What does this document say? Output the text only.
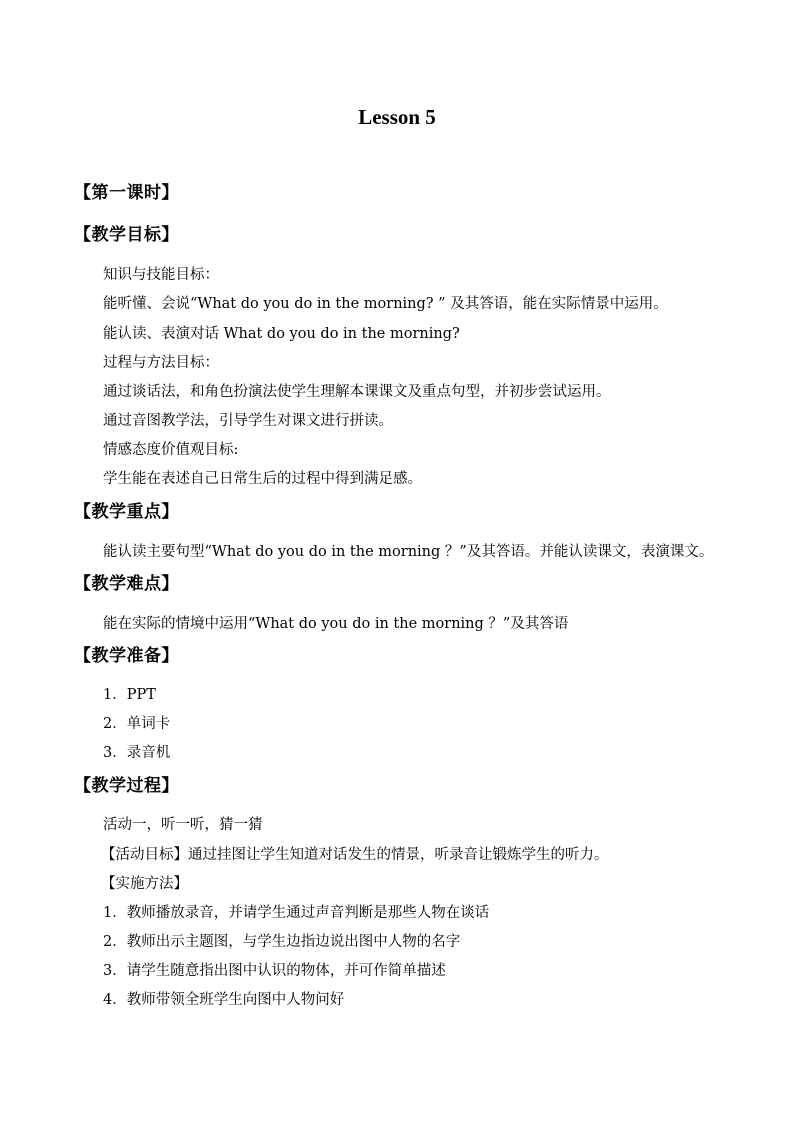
Lesson 5
【第一课时】
【教学目标】
知识与技能目标：
能听懂、会说“What do you do in the morning? ” 及其答语，能在实际情景中运用。
能认读、表演对话 What do you do in the morning?
过程与方法目标：
通过谈话法，和角色扮演法使学生理解本课课文及重点句型，并初步尝试运用。
通过音图教学法，引导学生对课文进行拼读。
情感态度价值观目标:
学生能在表述自己日常生后的过程中得到满足感。
【教学重点】
能认读主要句型“What do you do in the morning ？”及其答语。并能认读课文，表演课文。
【教学难点】
能在实际的情境中运用“What do you do in the morning ？”及其答语
【教学准备】
1．PPT
2．单词卡
3．录音机
【教学过程】
活动一，听一听，猜一猜
【活动目标】通过挂图让学生知道对话发生的情景，听录音让锻炼学生的听力。
【实施方法】
1．教师播放录音，并请学生通过声音判断是那些人物在谈话
2．教师出示主题图，与学生边指边说出图中人物的名字
3．请学生随意指出图中认识的物体，并可作简单描述
4．教师带领全班学生向图中人物问好
